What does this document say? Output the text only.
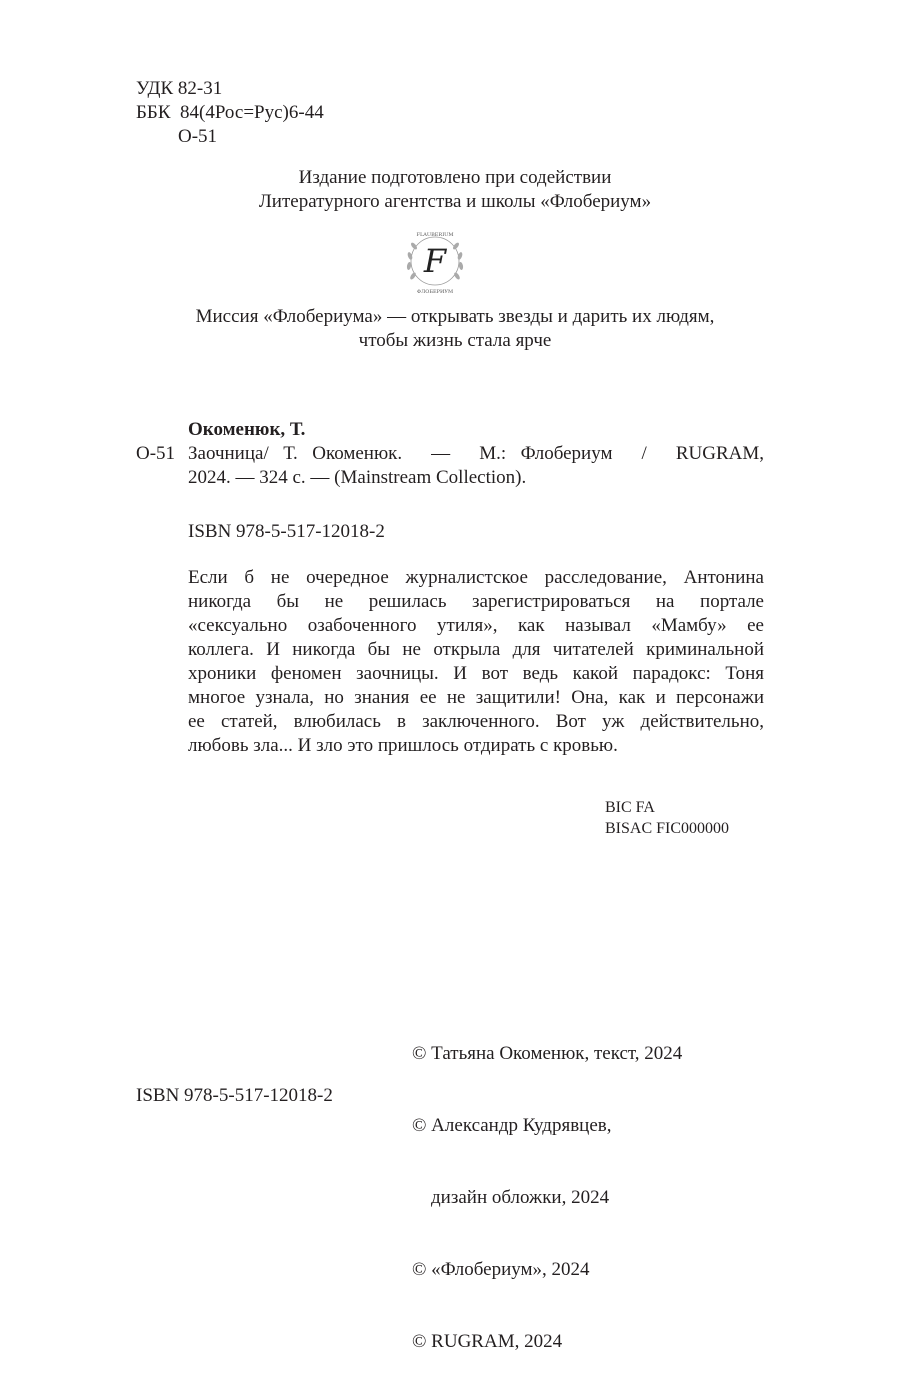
УДК 82-31
ББК  84(4Рос=Рус)6-44
О-51
Издание подготовлено при содействии
Литературного агентства и школы «Флобериум»
F
FLAUBERIUM
ФЛОБЕРИУМ
Миссия «Флобериума» — открывать звезды и дарить их людям,
чтобы жизнь стала ярче
Окоменюк, Т.
О-51 Заочница/ Т. Окоменюк.  —  М.: Флобериум  /  RUGRAM,
2024. — 324 с. — (Mainstream Collection).
ISBN 978-5-517-12018-2
Если б не очередное журналистское расследование, Антонина
никогда бы не решилась зарегистрироваться на портале
«сексуально озабоченного утиля», как называл «Мамбу» ее
коллега. И никогда бы не открыла для читателей криминальной
хроники феномен заочницы. И вот ведь какой парадокс: Тоня
многое узнала, но знания ее не защитили! Она, как и персонажи
ее статей, влюбилась в заключенного. Вот уж действительно,
любовь зла... И зло это пришлось отдирать с кровью.
BIC FA
BISAC FIC000000
ISBN 978-5-517-12018-2

© Татьяна Окоменюк, текст, 2024

© Александр Кудрявцев,

дизайн обложки, 2024

© «Флобериум», 2024

© RUGRAM, 2024
